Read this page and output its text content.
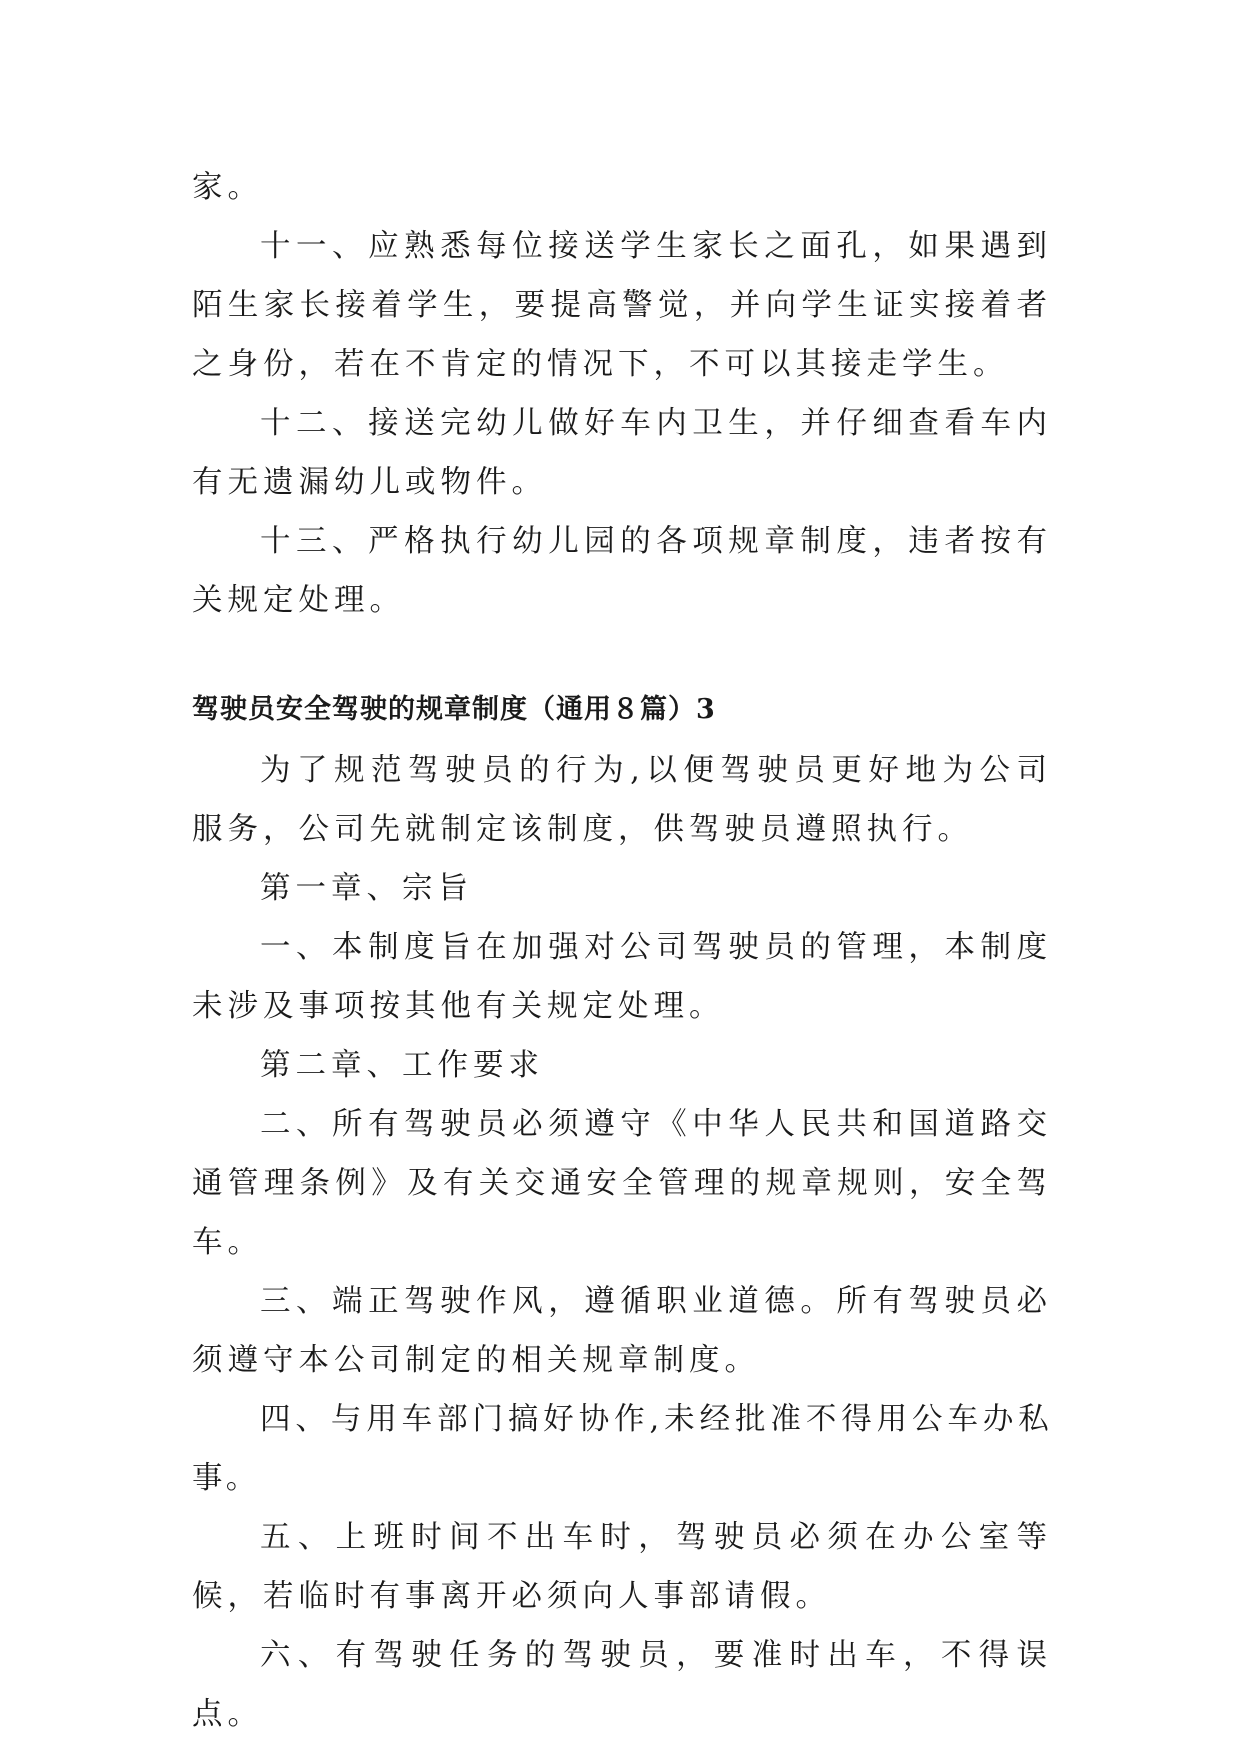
家。

十一、应熟悉每位接送学生家长之面孔，如果遇到陌生家长接着学生，要提高警觉，并向学生证实接着者之身份，若在不肯定的情况下，不可以其接走学生。

十二、接送完幼儿做好车内卫生，并仔细查看车内有无遗漏幼儿或物件。

十三、严格执行幼儿园的各项规章制度，违者按有关规定处理。

驾驶员安全驾驶的规章制度（通用８篇）3

为了规范驾驶员的行为,以便驾驶员更好地为公司服务，公司先就制定该制度，供驾驶员遵照执行。

第一章、宗旨

一、本制度旨在加强对公司驾驶员的管理，本制度未涉及事项按其他有关规定处理。

第二章、工作要求

二、所有驾驶员必须遵守《中华人民共和国道路交通管理条例》及有关交通安全管理的规章规则，安全驾车。

三、端正驾驶作风，遵循职业道德。所有驾驶员必须遵守本公司制定的相关规章制度。

四、与用车部门搞好协作,未经批准不得用公车办私事。

五、上班时间不出车时，驾驶员必须在办公室等候，若临时有事离开必须向人事部请假。

六、有驾驶任务的驾驶员，要准时出车，不得误点。
